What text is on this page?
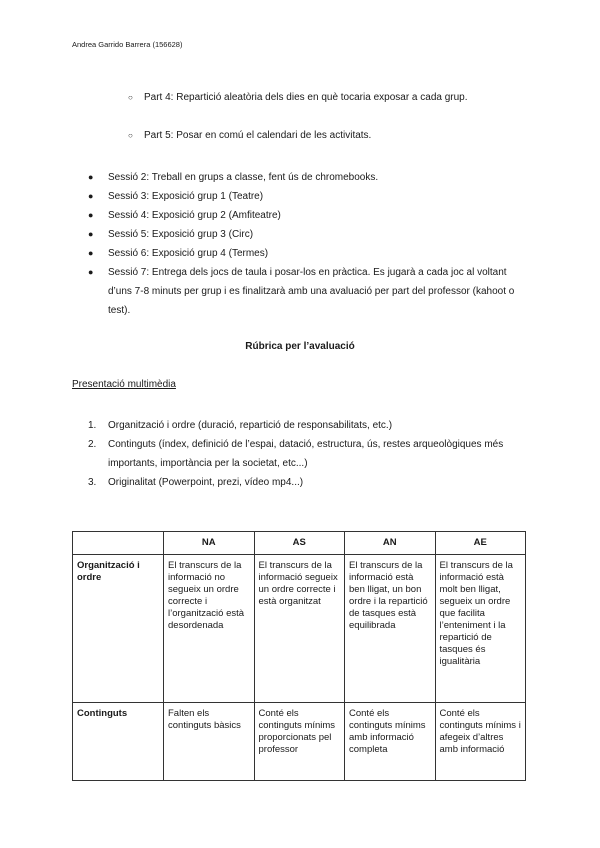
Andrea Garrido Barrera (156628)
○ Part 4: Repartició aleatòria dels dies en què tocaria exposar a cada grup.
○ Part 5: Posar en comú el calendari de les activitats.
●	Sessió 2: Treball en grups a classe, fent ús de chromebooks.
●	Sessió 3: Exposició grup 1 (Teatre)
●	Sessió 4: Exposició grup 2 (Amfiteatre)
●	Sessió 5: Exposició grup 3 (Circ)
●	Sessió 6: Exposició grup 4 (Termes)
●	Sessió 7: Entrega dels jocs de taula i posar-los en pràctica. Es jugarà a cada joc al voltant d’uns 7-8 minuts per grup i es finalitzarà amb una avaluació per part del professor (kahoot o test).
Rúbrica per l’avaluació
Presentació multimèdia
1.	Organització i ordre (duració, repartició de responsabilitats, etc.)
2.	Continguts (índex, definició de l’espai, datació, estructura, ús, restes arqueològiques més importants, importància per la societat, etc...)
3.	Originalitat (Powerpoint, prezi, vídeo mp4...)
	NA	AS	AN	AE
Organització i ordre	El transcurs de la informació no segueix un ordre correcte i l’organització està desordenada	El transcurs de la informació segueix un ordre correcte i està organitzat	El transcurs de la informació està ben lligat, un bon ordre i la repartició de tasques està equilibrada	El transcurs de la informació està molt ben lligat, segueix un ordre que facilita l’enteniment i la repartició de tasques és igualitària
Continguts	Falten els continguts bàsics	Conté els continguts mínims proporcionats pel professor	Conté els continguts mínims amb informació completa	Conté els continguts mínims i afegeix d’altres amb informació
